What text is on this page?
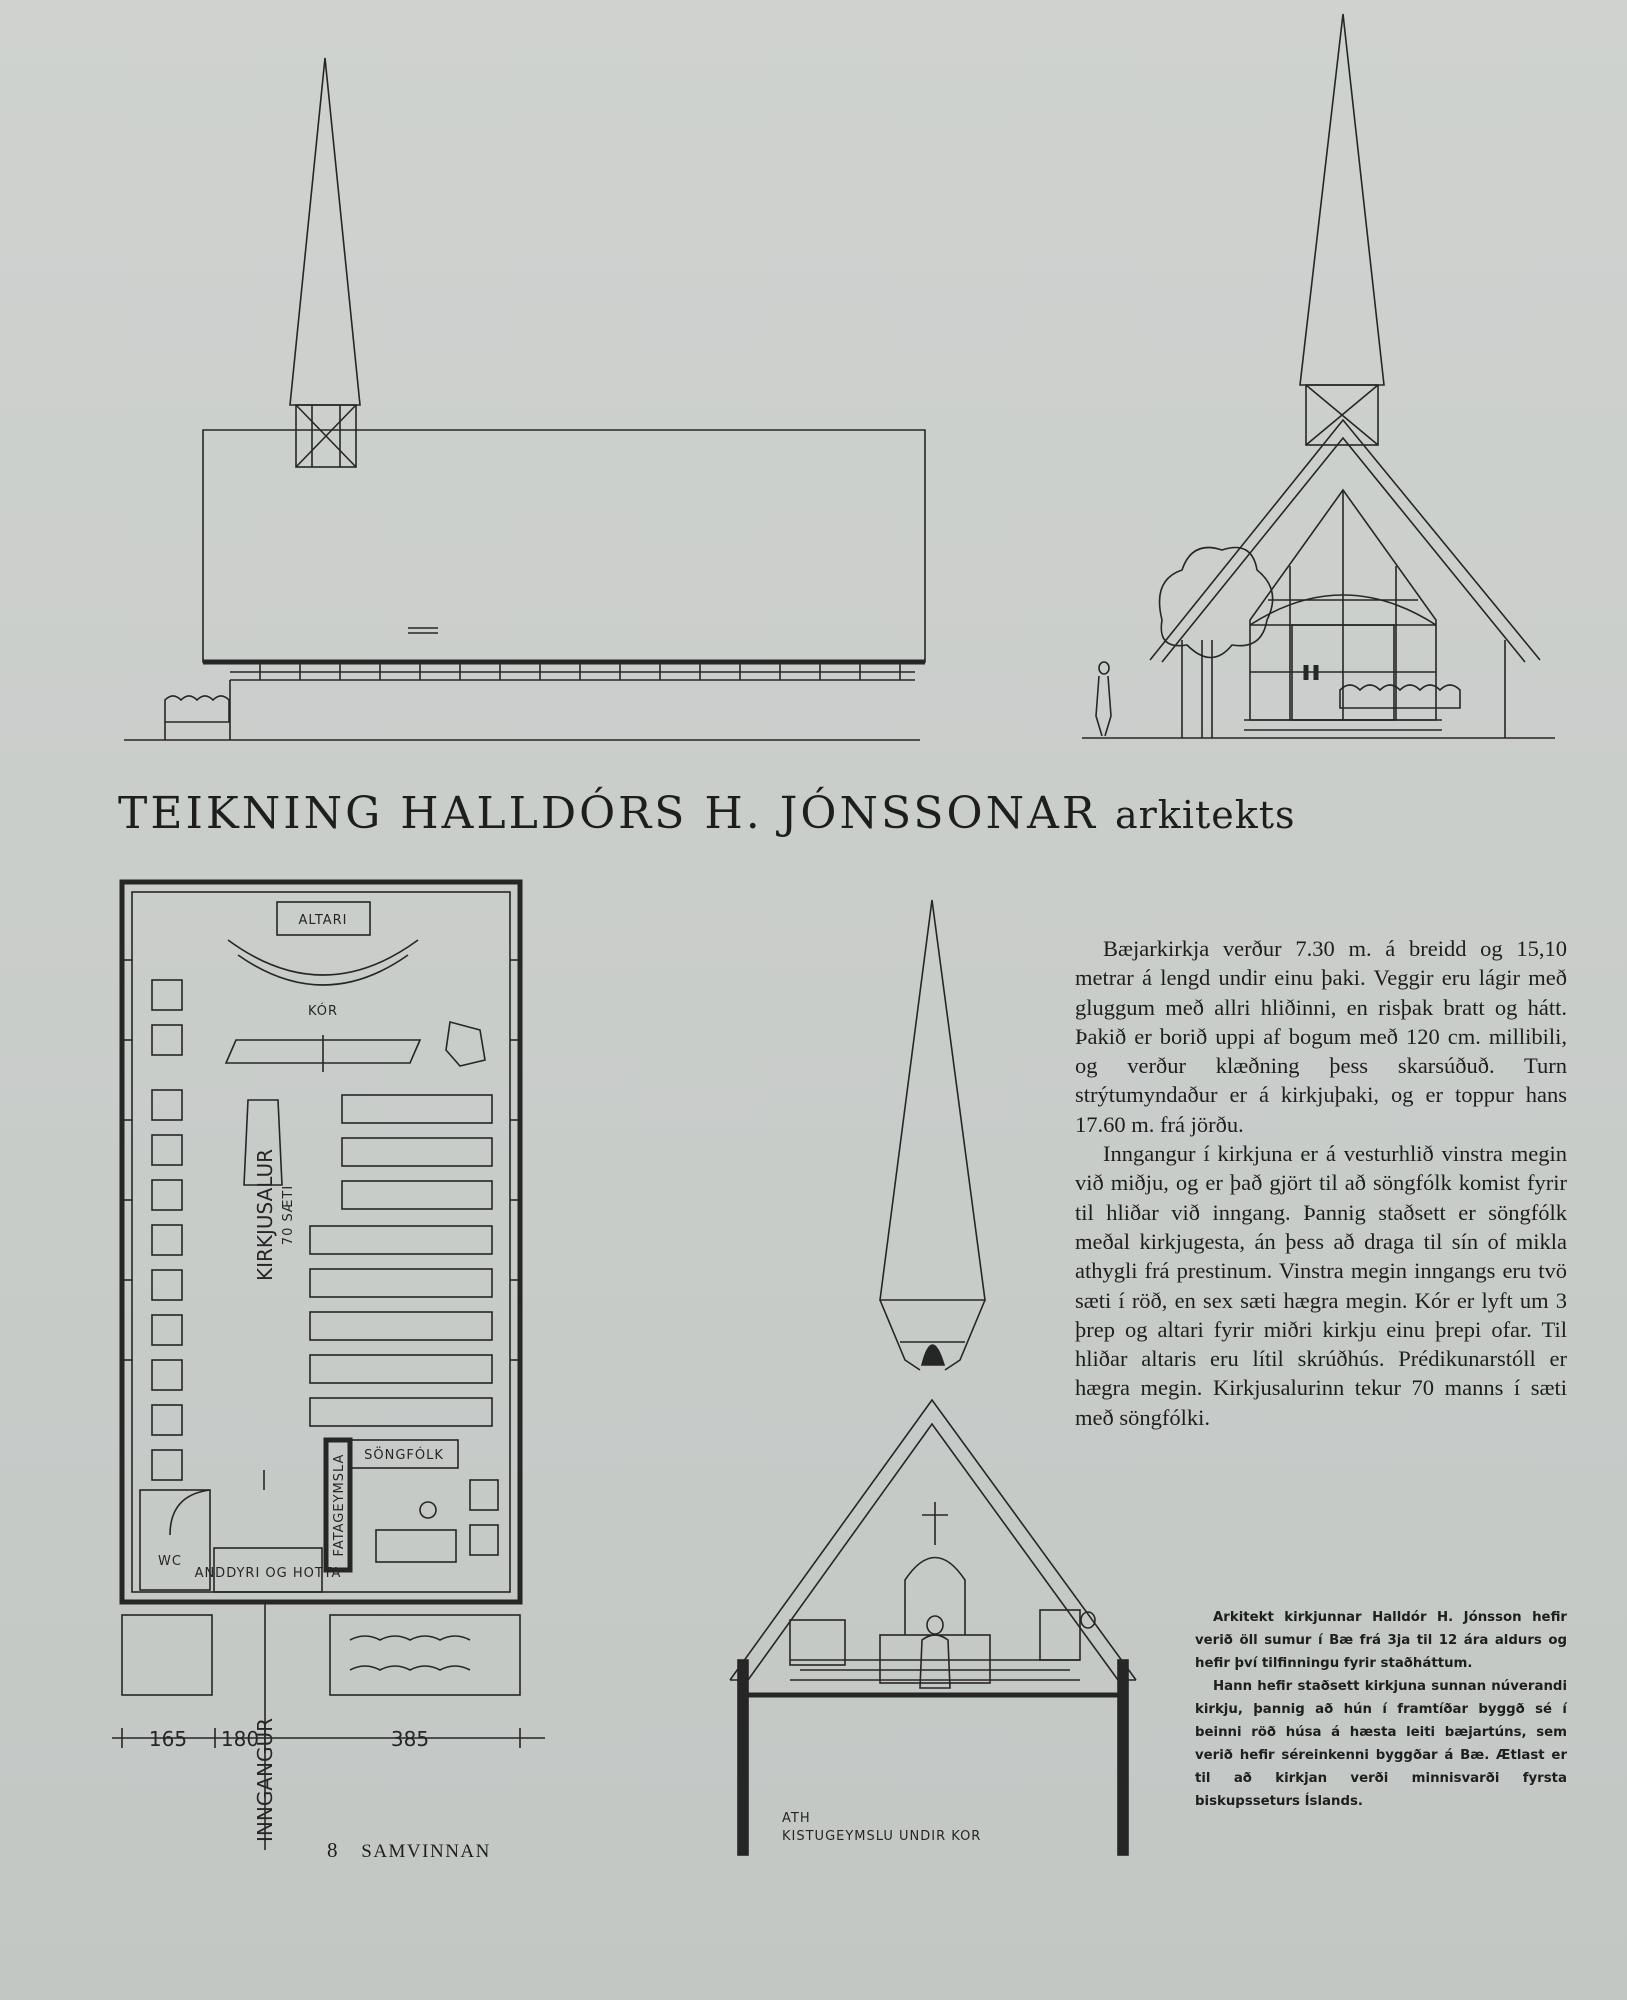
ALTARI
KÓR
KIRKJUSALUR 70 SÆTI
SÖNGFÓLK
FATAGEYMSLA
WC
ANDDYRI OG HOTTA
165 180	385
INNGANGUR	ATH
KISTUGEYMSLU UNDIR KOR
TEIKNING HALLDÓRS H. JÓNSSONAR arkitekts

Bæjarkirkja verður 7.30 m. á breidd og 15,10 metrar á lengd undir einu þaki. Veggir eru lágir með gluggum með allri hliðinni, en risþak bratt og hátt. Þakið er borið uppi af bogum með 120 cm. millibili, og verður klæðning þess skarsúðuð. Turn strýtumyndaður er á kirkjuþaki, og er toppur hans 17.60 m. frá jörðu.

Inngangur í kirkjuna er á vesturhlið vinstra megin við miðju, og er það gjört til að söngfólk komist fyrir til hliðar við inngang. Þannig staðsett er söngfólk meðal kirkjugesta, án þess að draga til sín of mikla athygli frá prestinum. Vinstra megin inngangs eru tvö sæti í röð, en sex sæti hægra megin. Kór er lyft um 3 þrep og altari fyrir miðri kirkju einu þrepi ofar. Til hliðar altaris eru lítil skrúðhús. Prédikunarstóll er hægra megin. Kirkjusalurinn tekur 70 manns í sæti með söngfólki.

Arkitekt kirkjunnar Halldór H. Jónsson hefir verið öll sumur í Bæ frá 3ja til 12 ára aldurs og hefir því tilfinningu fyrir staðháttum.

Hann hefir staðsett kirkjuna sunnan núverandi kirkju, þannig að hún í framtíðar byggð sé í beinni röð húsa á hæsta leiti bæjartúns, sem verið hefir séreinkenni byggðar á Bæ. Ætlast er til að kirkjan verði minnisvarði fyrsta biskupsseturs Íslands.

8 SAMVINNAN
